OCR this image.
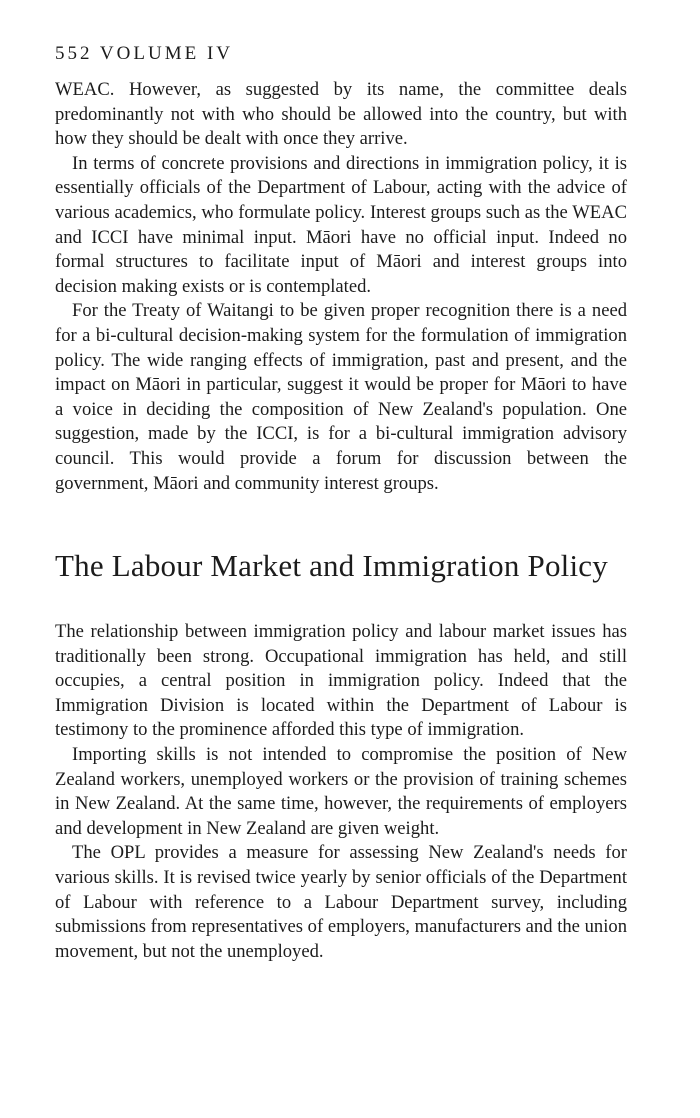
552 VOLUME IV

WEAC. However, as suggested by its name, the committee deals predominantly not with who should be allowed into the country, but with how they should be dealt with once they arrive.

In terms of concrete provisions and directions in immigration policy, it is essentially officials of the Department of Labour, acting with the advice of various academics, who formulate policy. Interest groups such as the WEAC and ICCI have minimal input. Māori have no official input. Indeed no formal structures to facilitate input of Māori and interest groups into decision making exists or is contemplated.

For the Treaty of Waitangi to be given proper recognition there is a need for a bi-cultural decision-making system for the formulation of immigration policy. The wide ranging effects of immigration, past and present, and the impact on Māori in particular, suggest it would be proper for Māori to have a voice in deciding the composition of New Zealand's population. One suggestion, made by the ICCI, is for a bi-cultural immigration advisory council. This would provide a forum for discussion between the government, Māori and community interest groups.

The Labour Market and Immigration Policy

The relationship between immigration policy and labour market issues has traditionally been strong. Occupational immigration has held, and still occupies, a central position in immigration policy. Indeed that the Immigration Division is located within the Department of Labour is testimony to the prominence afforded this type of immigration.

Importing skills is not intended to compromise the position of New Zealand workers, unemployed workers or the provision of training schemes in New Zealand. At the same time, however, the requirements of employers and development in New Zealand are given weight.

The OPL provides a measure for assessing New Zealand's needs for various skills. It is revised twice yearly by senior officials of the Department of Labour with reference to a Labour Department survey, including submissions from representatives of employers, manufacturers and the union movement, but not the unemployed.
